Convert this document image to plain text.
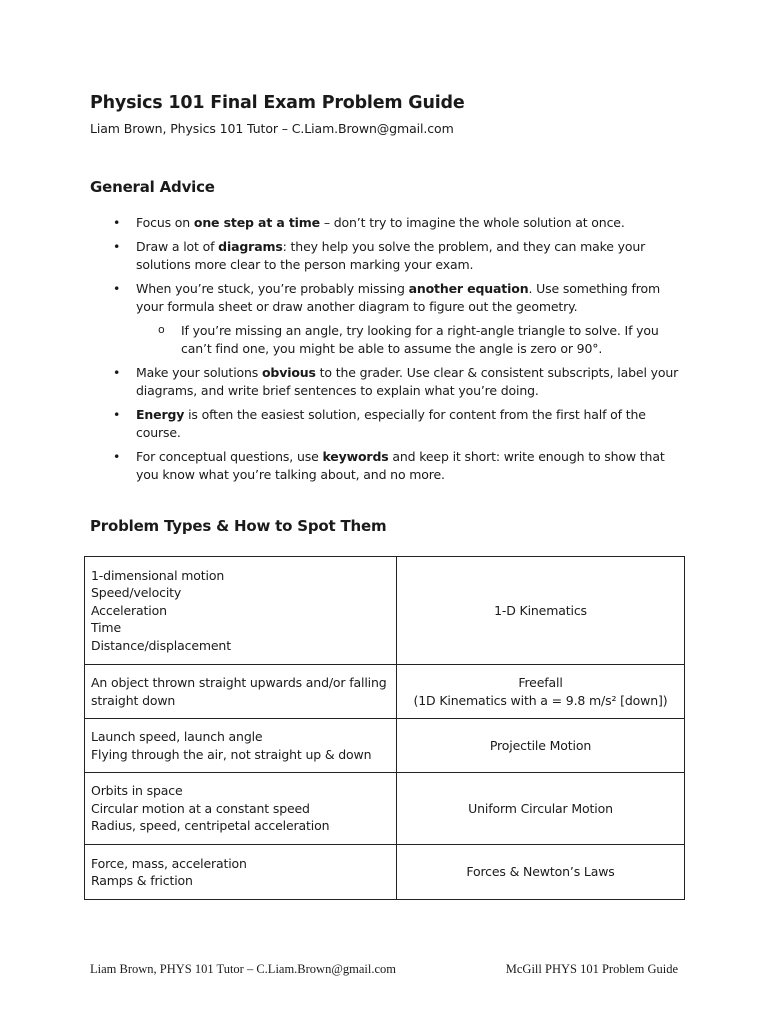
Physics 101 Final Exam Problem Guide
Liam Brown, Physics 101 Tutor – C.Liam.Brown@gmail.com
General Advice
• Focus on one step at a time – don’t try to imagine the whole solution at once.
• Draw a lot of diagrams: they help you solve the problem, and they can make your solutions more clear to the person marking your exam.
• When you’re stuck, you’re probably missing another equation. Use something from your formula sheet or draw another diagram to figure out the geometry.
o If you’re missing an angle, try looking for a right-angle triangle to solve. If you can’t find one, you might be able to assume the angle is zero or 90°.
• Make your solutions obvious to the grader. Use clear & consistent subscripts, label your diagrams, and write brief sentences to explain what you’re doing.
• Energy is often the easiest solution, especially for content from the first half of the course.
• For conceptual questions, use keywords and keep it short: write enough to show that you know what you’re talking about, and no more.
Problem Types & How to Spot Them
1-dimensional motion
Speed/velocity
Acceleration
Time
Distance/displacement	1-D Kinematics

An object thrown straight upwards and/or falling straight down	Freefall
(1D Kinematics with a = 9.8 m/s² [down])

Launch speed, launch angle
Flying through the air, not straight up & down	Projectile Motion

Orbits in space
Circular motion at a constant speed
Radius, speed, centripetal acceleration	Uniform Circular Motion

Force, mass, acceleration
Ramps & friction	Forces & Newton’s Laws
Liam Brown, PHYS 101 Tutor – C.Liam.Brown@gmail.com	McGill PHYS 101 Problem Guide
